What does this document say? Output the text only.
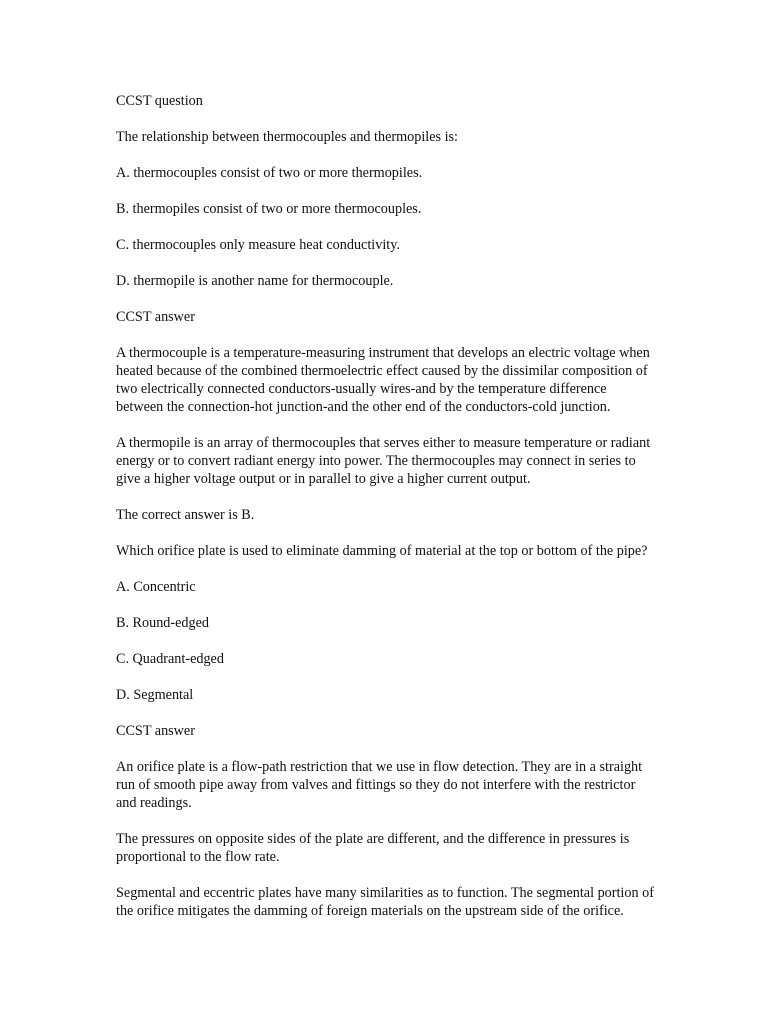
CCST question

The relationship between thermocouples and thermopiles is:

A. thermocouples consist of two or more thermopiles.

B. thermopiles consist of two or more thermocouples.

C. thermocouples only measure heat conductivity.

D. thermopile is another name for thermocouple.

CCST answer

A thermocouple is a temperature-measuring instrument that develops an electric voltage when heated because of the combined thermoelectric effect caused by the dissimilar composition of two electrically connected conductors-usually wires-and by the temperature difference between the connection-hot junction-and the other end of the conductors-cold junction.

A thermopile is an array of thermocouples that serves either to measure temperature or radiant energy or to convert radiant energy into power. The thermocouples may connect in series to give a higher voltage output or in parallel to give a higher current output.

The correct answer is B.

Which orifice plate is used to eliminate damming of material at the top or bottom of the pipe?

A. Concentric

B. Round-edged

C. Quadrant-edged

D. Segmental

CCST answer

An orifice plate is a flow-path restriction that we use in flow detection. They are in a straight run of smooth pipe away from valves and fittings so they do not interfere with the restrictor and readings.

The pressures on opposite sides of the plate are different, and the difference in pressures is proportional to the flow rate.

Segmental and eccentric plates have many similarities as to function. The segmental portion of the orifice mitigates the damming of foreign materials on the upstream side of the orifice.
